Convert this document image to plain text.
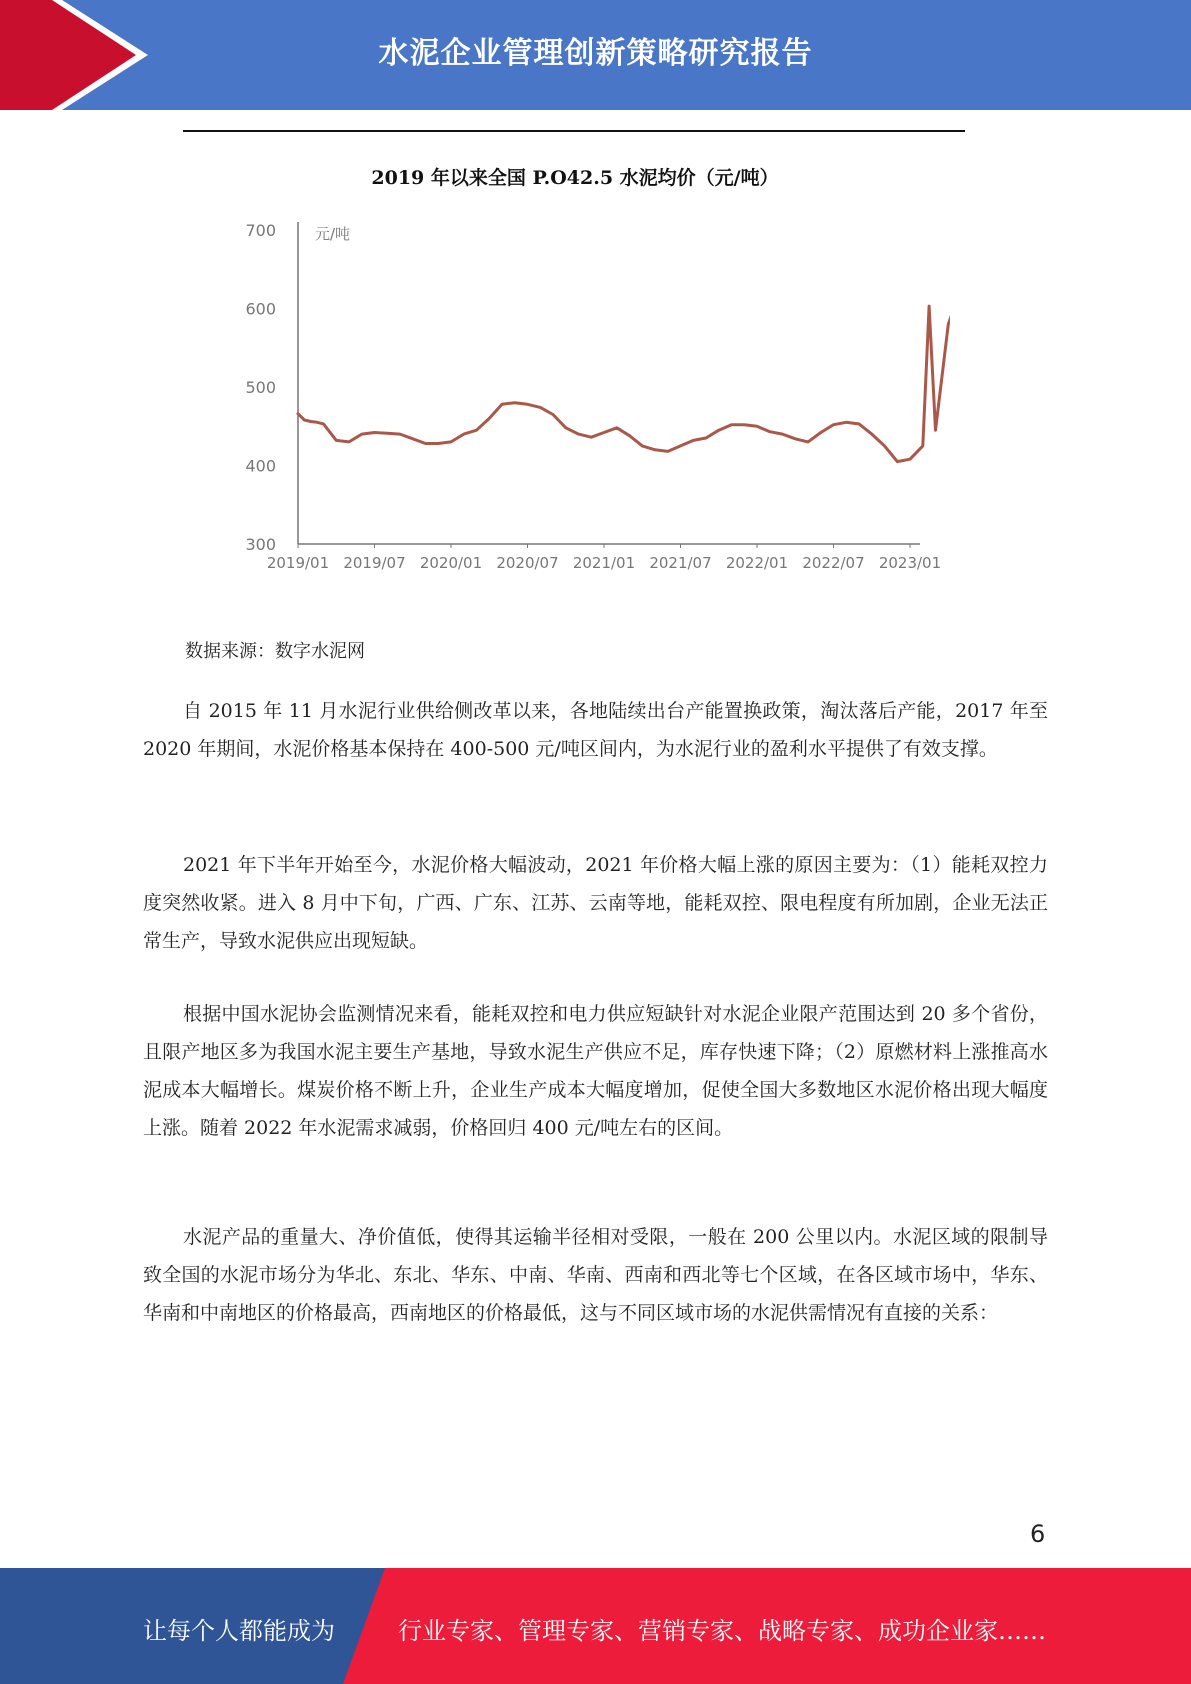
水泥企业管理创新策略研究报告
2019 年以来全国 P.O42.5 水泥均价（元/吨）
元/吨
700
600
500
400
300
2019/01 2019/07 2020/01 2020/07 2021/01 2021/07 2022/01 2022/07 2023/01
数据来源：数字水泥网

自 2015 年 11 月水泥行业供给侧改革以来，各地陆续出台产能置换政策，淘汰落后产能，2017 年至 2020 年期间，水泥价格基本保持在 400-500 元/吨区间内，为水泥行业的盈利水平提供了有效支撑。

2021 年下半年开始至今，水泥价格大幅波动，2021 年价格大幅上涨的原因主要为：（1）能耗双控力度突然收紧。进入 8 月中下旬，广西、广东、江苏、云南等地，能耗双控、限电程度有所加剧，企业无法正常生产，导致水泥供应出现短缺。

根据中国水泥协会监测情况来看，能耗双控和电力供应短缺针对水泥企业限产范围达到 20 多个省份，且限产地区多为我国水泥主要生产基地，导致水泥生产供应不足，库存快速下降；（2）原燃材料上涨推高水泥成本大幅增长。煤炭价格不断上升，企业生产成本大幅度增加，促使全国大多数地区水泥价格出现大幅度上涨。随着 2022 年水泥需求减弱，价格回归 400 元/吨左右的区间。

水泥产品的重量大、净价值低，使得其运输半径相对受限，一般在 200 公里以内。水泥区域的限制导致全国的水泥市场分为华北、东北、华东、中南、华南、西南和西北等七个区域，在各区域市场中，华东、华南和中南地区的价格最高，西南地区的价格最低，这与不同区域市场的水泥供需情况有直接的关系：

6
让每个人都能成为	行业专家、管理专家、营销专家、战略专家、成功企业家……
